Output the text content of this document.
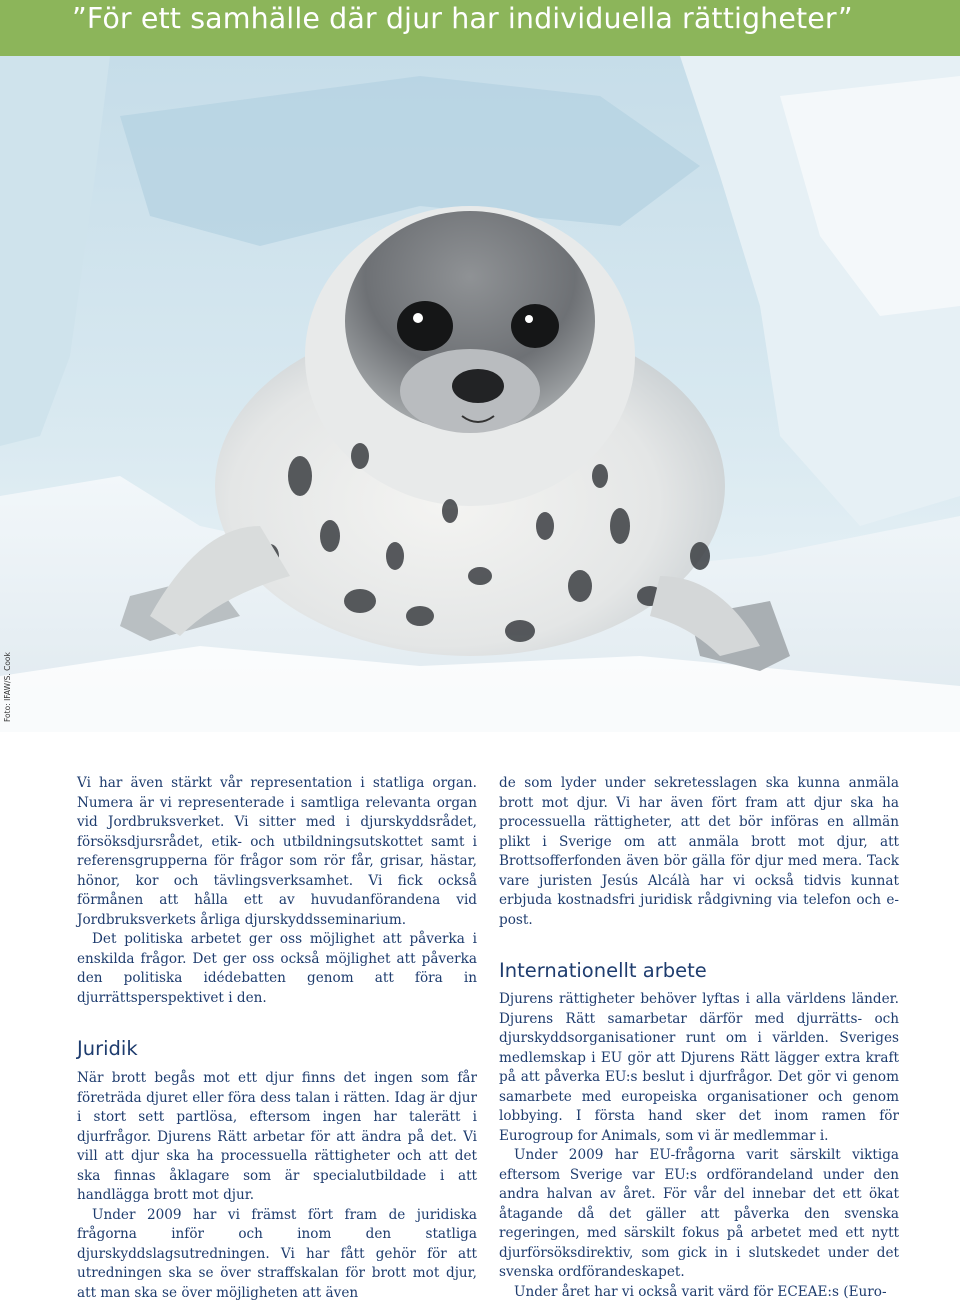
”För ett samhälle där djur har individuella rättigheter”
Foto: IFAW/S. Cook

Vi har även stärkt vår representation i statliga organ. Numera är vi representerade i samtliga relevanta organ vid Jordbruksverket. Vi sitter med i djurskyddsrådet, försöksdjursrådet, etik- och utbildningsutskottet samt i referensgrupperna för frågor som rör får, grisar, hästar, hönor, kor och tävlingsverksamhet. Vi fick också förmånen att hålla ett av huvudanförandena vid Jordbruksverkets årliga djurskyddsseminarium.

Det politiska arbetet ger oss möjlighet att påverka i enskilda frågor. Det ger oss också möjlighet att påverka den politiska idédebatten genom att föra in djurrättsperspektivet i den.

Juridik

När brott begås mot ett djur finns det ingen som får företräda djuret eller föra dess talan i rätten. Idag är djur i stort sett partlösa, eftersom ingen har talerätt i djurfrågor. Djurens Rätt arbetar för att ändra på det. Vi vill att djur ska ha processuella rättigheter och att det ska finnas åklagare som är specialutbildade i att handlägga brott mot djur.

Under 2009 har vi främst fört fram de juridiska frågorna inför och inom den statliga djurskyddslagsutredningen. Vi har fått gehör för att utredningen ska se över straffskalan för brott mot djur, att man ska se över möjligheten att även

de som lyder under sekretesslagen ska kunna anmäla brott mot djur. Vi har även fört fram att djur ska ha processuella rättigheter, att det bör införas en allmän plikt i Sverige om att anmäla brott mot djur, att Brottsofferfonden även bör gälla för djur med mera. Tack vare juristen Jesús Alcálà har vi också tidvis kunnat erbjuda kostnadsfri juridisk rådgivning via telefon och e-post.

Internationellt arbete

Djurens rättigheter behöver lyftas i alla världens länder. Djurens Rätt samarbetar därför med djurrätts- och djurskyddsorganisationer runt om i världen. Sveriges medlemskap i EU gör att Djurens Rätt lägger extra kraft på att påverka EU:s beslut i djurfrågor. Det gör vi genom samarbete med europeiska organisationer och genom lobbying. I första hand sker det inom ramen för Eurogroup for Animals, som vi är medlemmar i.

Under 2009 har EU-frågorna varit särskilt viktiga eftersom Sverige var EU:s ordförandeland under den andra halvan av året. För vår del innebar det ett ökat åtagande då det gäller att påverka den svenska regeringen, med särskilt fokus på arbetet med ett nytt djurförsöksdirektiv, som gick in i slutskedet under det svenska ordförandeskapet.

Under året har vi också varit värd för ECEAE:s (Euro-
